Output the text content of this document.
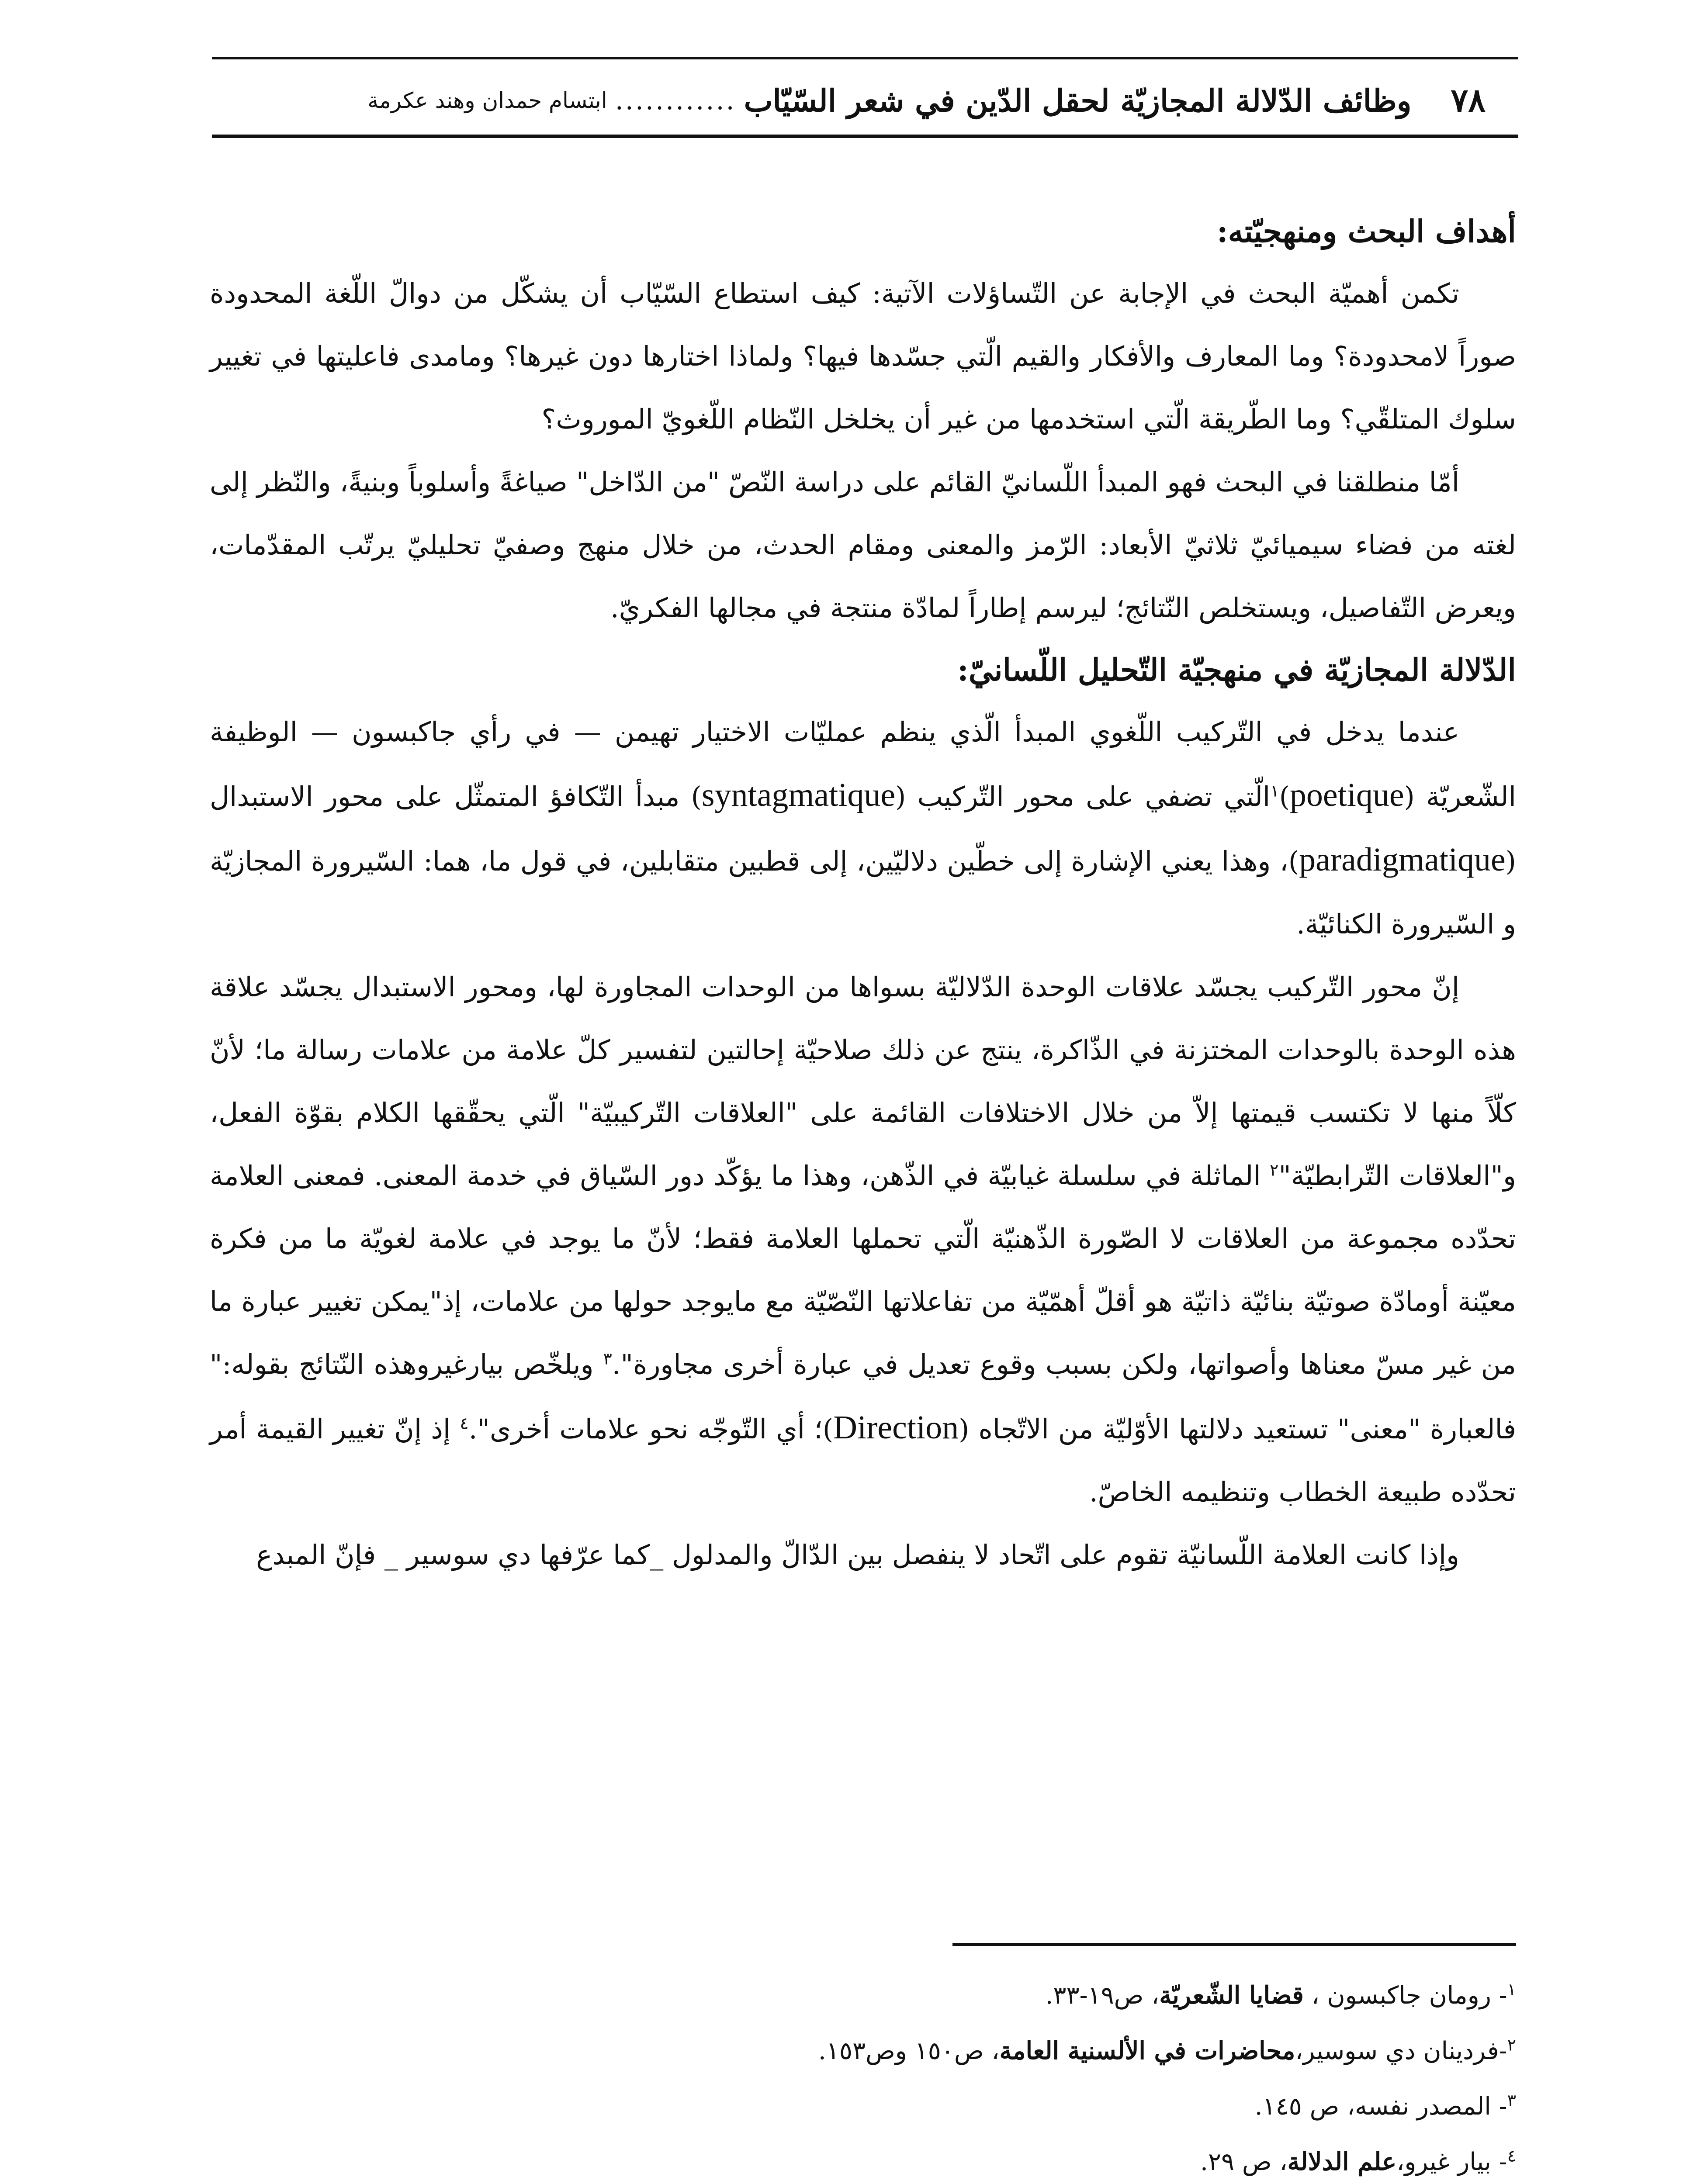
٧٨
وظائف الدّلالة المجازيّة لحقل الدّين في شعر السّيّاب
............
ابتسام حمدان وهند عكرمة
أهداف البحث ومنهجيّته:

تكمن أهميّة البحث في الإجابة عن التّساؤلات الآتية: كيف استطاع السّيّاب أن يشكّل من دوالّ اللّغة المحدودة صوراً لامحدودة؟ وما المعارف والأفكار والقيم الّتي جسّدها فيها؟ ولماذا اختارها دون غيرها؟ ومامدى فاعليتها في تغيير سلوك المتلقّي؟ وما الطّريقة الّتي استخدمها من غير أن يخلخل النّظام اللّغويّ الموروث؟

أمّا منطلقنا في البحث فهو المبدأ اللّسانيّ القائم على دراسة النّصّ "من الدّاخل" صياغةً وأسلوباً وبنيةً، والنّظر إلى لغته من فضاء سيميائيّ ثلاثيّ الأبعاد: الرّمز والمعنى ومقام الحدث، من خلال منهج وصفيّ تحليليّ يرتّب المقدّمات، ويعرض التّفاصيل، ويستخلص النّتائج؛ ليرسم إطاراً لمادّة منتجة في مجالها الفكريّ.

الدّلالة المجازيّة في منهجيّة التّحليل اللّسانيّ:

عندما يدخل في التّركيب اللّغوي المبدأ الّذي ينظم عمليّات الاختيار تهيمن — في رأي جاكبسون — الوظيفة الشّعريّة (poetique)$^١$الّتي تضفي على محور التّركيب (syntagmatique) مبدأ التّكافؤ المتمثّل على محور الاستبدال (paradigmatique)، وهذا يعني الإشارة إلى خطّين دلاليّين، إلى قطبين متقابلين، في قول ما، هما: السّيرورة المجازيّة و السّيرورة الكنائيّة.

إنّ محور التّركيب يجسّد علاقات الوحدة الدّلاليّة بسواها من الوحدات المجاورة لها، ومحور الاستبدال يجسّد علاقة هذه الوحدة بالوحدات المختزنة في الذّاكرة، ينتج عن ذلك صلاحيّة إحالتين لتفسير كلّ علامة من علامات رسالة ما؛ لأنّ كلّاً منها لا تكتسب قيمتها إلاّ من خلال الاختلافات القائمة على "العلاقات التّركيبيّة" الّتي يحقّقها الكلام بقوّة الفعل، و"العلاقات التّرابطيّة"$^٢$ الماثلة في سلسلة غيابيّة في الذّهن، وهذا ما يؤكّد دور السّياق في خدمة المعنى. فمعنى العلامة تحدّده مجموعة من العلاقات لا الصّورة الذّهنيّة الّتي تحملها العلامة فقط؛ لأنّ ما يوجد في علامة لغويّة ما من فكرة معيّنة أومادّة صوتيّة بنائيّة ذاتيّة هو أقلّ أهمّيّة من تفاعلاتها النّصّيّة مع مايوجد حولها من علامات، إذ"يمكن تغيير عبارة ما من غير مسّ معناها وأصواتها، ولكن بسبب وقوع تعديل في عبارة أخرى مجاورة".$^٣$ ويلخّص بيارغيروهذه النّتائج بقوله:" فالعبارة "معنى" تستعيد دلالتها الأوّليّة من الاتّجاه (Direction)؛ أي التّوجّه نحو علامات أخرى".$^٤$ إذ إنّ تغيير القيمة أمر تحدّده طبيعة الخطاب وتنظيمه الخاصّ.

وإذا كانت العلامة اللّسانيّة تقوم على اتّحاد لا ينفصل بين الدّالّ والمدلول _كما عرّفها دي سوسير _ فإنّ المبدع

$^١$- رومان جاكبسون ، قضايا الشّعريّة، ص١٩-٣٣.

$^٢$-فردينان دي سوسير،محاضرات في الألسنية العامة، ص١٥٠ وص١٥٣.

$^٣$- المصدر نفسه، ص ١٤٥.

$^٤$- بيار غيرو،علم الدلالة، ص ٢٩.
